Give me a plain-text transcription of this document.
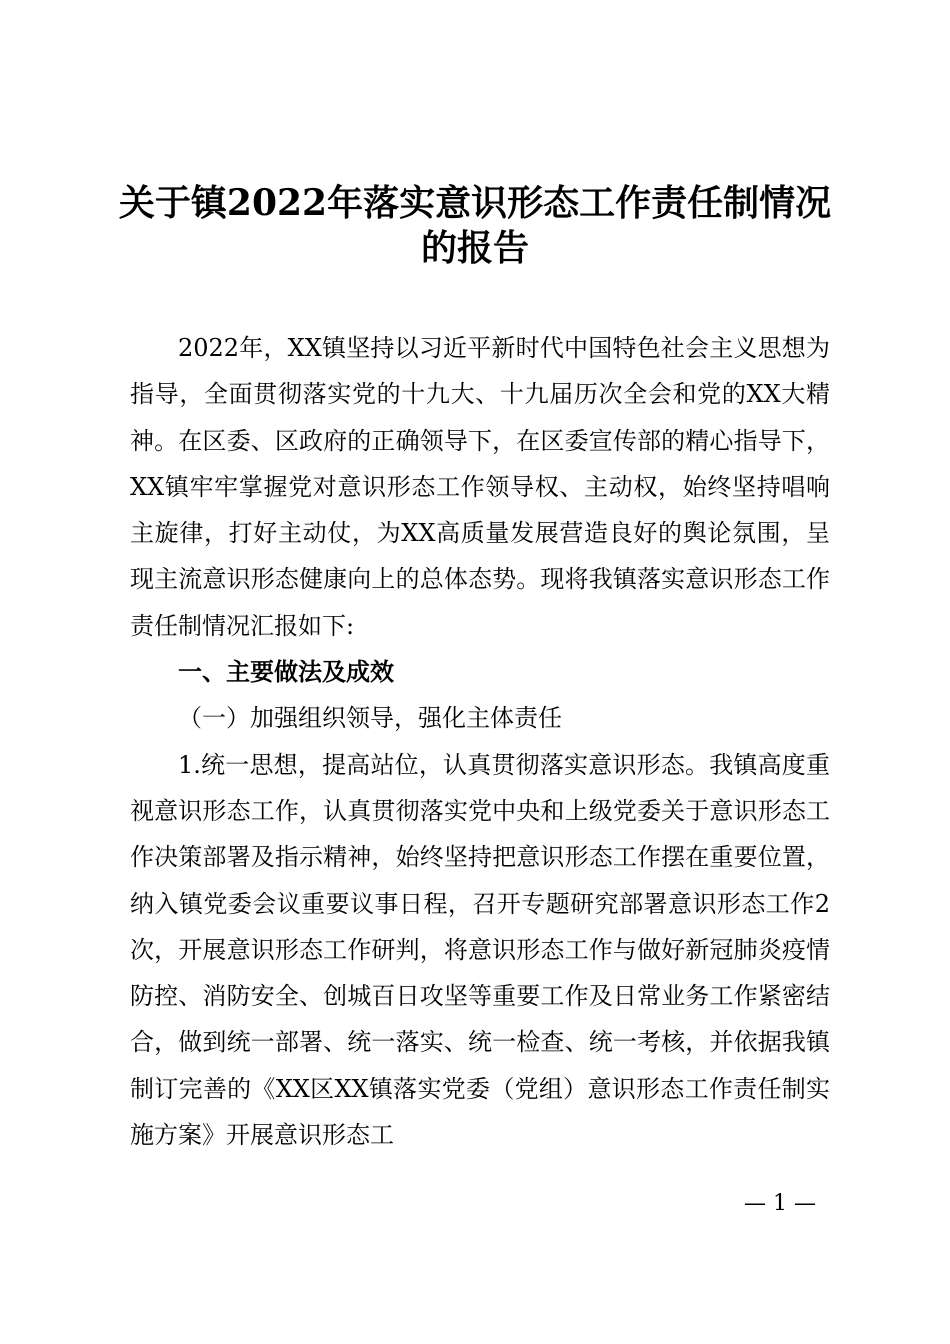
关于镇2022年落实意识形态工作责任制情况
的报告

2022年，XX镇坚持以习近平新时代中国特色社会主义思想为指导，全面贯彻落实党的十九大、十九届历次全会和党的XX大精神。在区委、区政府的正确领导下，在区委宣传部的精心指导下，XX镇牢牢掌握党对意识形态工作领导权、主动权，始终坚持唱响主旋律，打好主动仗，为XX高质量发展营造良好的舆论氛围，呈现主流意识形态健康向上的总体态势。现将我镇落实意识形态工作责任制情况汇报如下:

一、主要做法及成效

（一）加强组织领导，强化主体责任

1.统一思想，提高站位，认真贯彻落实意识形态。我镇高度重视意识形态工作，认真贯彻落实党中央和上级党委关于意识形态工作决策部署及指示精神，始终坚持把意识形态工作摆在重要位置，纳入镇党委会议重要议事日程，召开专题研究部署意识形态工作2次，开展意识形态工作研判，将意识形态工作与做好新冠肺炎疫情防控、消防安全、创城百日攻坚等重要工作及日常业务工作紧密结合，做到统一部署、统一落实、统一检查、统一考核，并依据我镇制订完善的《XX区XX镇落实党委（党组）意识形态工作责任制实施方案》开展意识形态工

— 1 —
